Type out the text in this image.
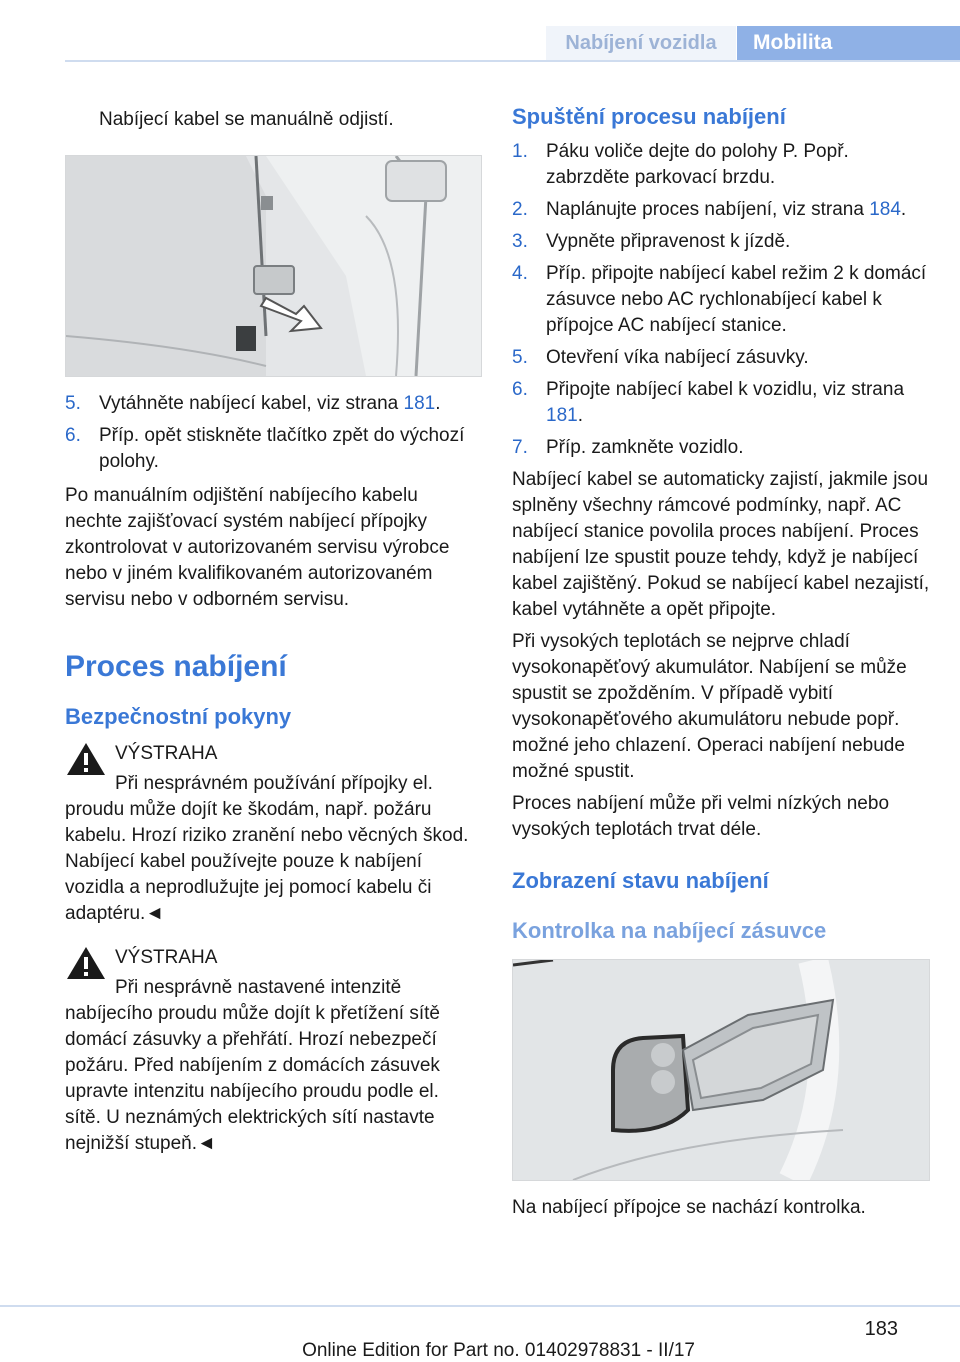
Nabíjení vozidla	Mobilita

Nabíjecí kabel se manuálně odjistí.

5. Vytáhněte nabíjecí kabel, viz strana 181.
6. Příp. opět stiskněte tlačítko zpět do výchozí polohy.

Po manuálním odjištění nabíjecího kabelu nechte zajišťovací systém nabíjecí přípojky zkontrolovat v autorizovaném servisu výrobce nebo v jiném kvalifikovaném autorizovaném servisu nebo v odborném servisu.

Proces nabíjení
Bezpečnostní pokyny

VÝSTRAHA

Při nesprávném používání přípojky el. proudu může dojít ke škodám, např. požáru kabelu. Hrozí riziko zranění nebo věcných škod. Nabíjecí kabel používejte pouze k nabíjení vozidla a neprodlužujte jej pomocí kabelu či adaptéru.◄

VÝSTRAHA

Při nesprávně nastavené intenzitě nabíjecího proudu může dojít k přetížení sítě domácí zásuvky a přehřátí. Hrozí nebezpečí požáru. Před nabíjením z domácích zásuvek upravte intenzitu nabíjecího proudu podle el. sítě. U neznámých elektrických sítí nastavte nejnižší stupeň.◄

Spuštění procesu nabíjení
1. Páku voliče dejte do polohy P. Popř. zabrzděte parkovací brzdu.
2. Naplánujte proces nabíjení, viz strana 184.
3. Vypněte připravenost k jízdě.
4. Příp. připojte nabíjecí kabel režim 2 k domácí zásuvce nebo AC rychlonabíjecí kabel k přípojce AC nabíjecí stanice.
5. Otevření víka nabíjecí zásuvky.
6. Připojte nabíjecí kabel k vozidlu, viz strana 181.
7. Příp. zamkněte vozidlo.

Nabíjecí kabel se automaticky zajistí, jakmile jsou splněny všechny rámcové podmínky, např. AC nabíjecí stanice povolila proces nabíjení. Proces nabíjení lze spustit pouze tehdy, když je nabíjecí kabel zajištěný. Pokud se nabíjecí kabel nezajistí, kabel vytáhněte a opět připojte.

Při vysokých teplotách se nejprve chladí vysokonapěťový akumulátor. Nabíjení se může spustit se zpožděním. V případě vybití vysokonapěťového akumulátoru nebude popř. možné jeho chlazení. Operaci nabíjení nebude možné spustit.

Proces nabíjení může při velmi nízkých nebo vysokých teplotách trvat déle.

Zobrazení stavu nabíjení
Kontrolka na nabíjecí zásuvce

Na nabíjecí přípojce se nachází kontrolka.

183
Online Edition for Part no. 01402978831 - II/17
